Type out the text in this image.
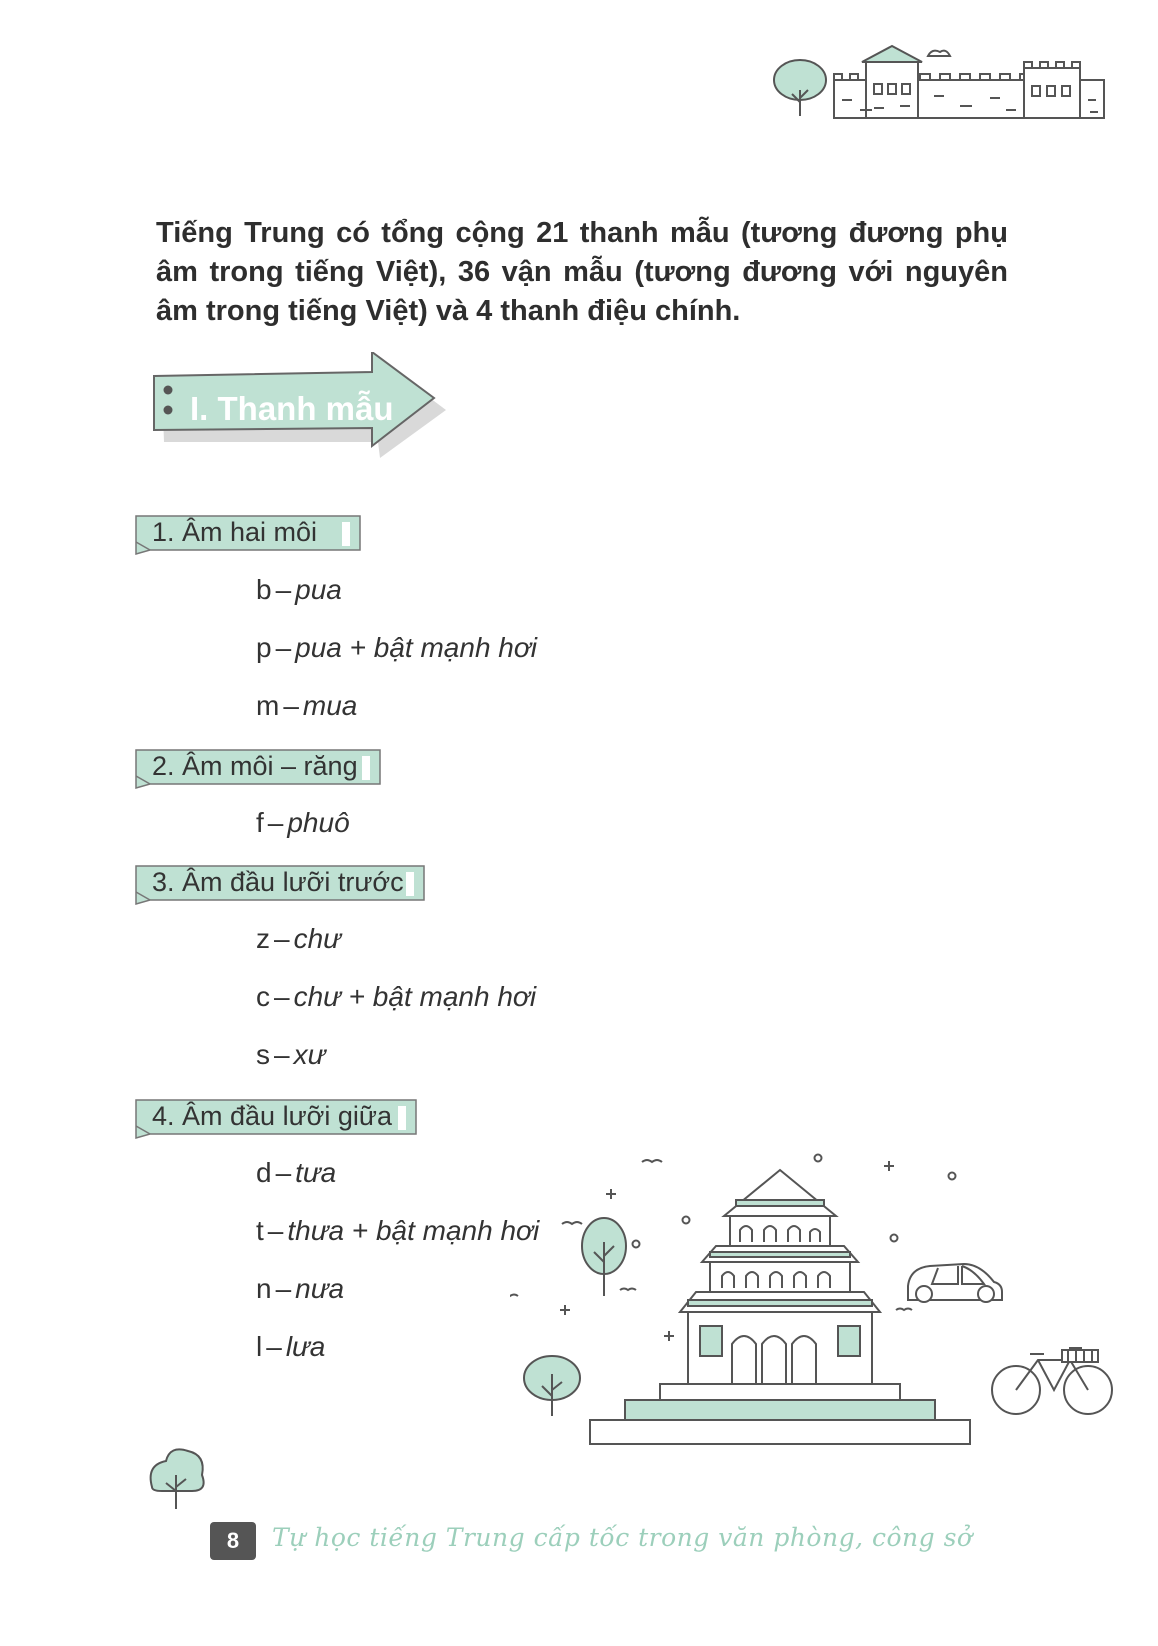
Tiếng Trung có tổng cộng 21 thanh mẫu (tương đương phụ âm trong tiếng Việt), 36 vận mẫu (tương đương với nguyên âm trong tiếng Việt) và 4 thanh điệu chính.
I. Thanh mẫu
1. Âm hai môi
b – pua
p – pua + bật mạnh hơi
m – mua
2. Âm môi – răng
f – phuô
3. Âm đầu lưỡi trước
z – chư
c – chư + bật mạnh hơi
s – xư
4. Âm đầu lưỡi giữa
d – tưa
t – thưa + bật mạnh hơi
n – nưa
l – lưa
8	Tự học tiếng Trung cấp tốc trong văn phòng, công sở
